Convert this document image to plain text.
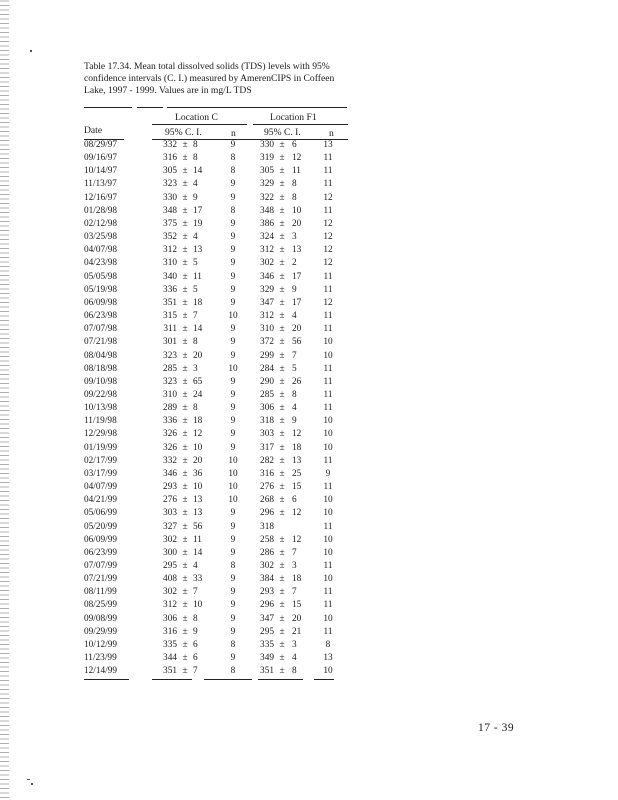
Table 17.34. Mean total dissolved solids (TDS) levels with 95%
confidence intervals (C. I.) measured by AmerenCIPS in Coffeen
Lake, 1997 - 1999. Values are in mg/L TDS
Location C	Location F1
Date	95% C. I.	n	95% C. I.	n
08/29/97	332 ± 8	9	330 ± 6	13
09/16/97	316 ± 8	8	319 ± 12	11
10/14/97	305 ± 14	8	305 ± 11	11
11/13/97	323 ± 4	9	329 ± 8	11
12/16/97	330 ± 9	9	322 ± 8	12
01/28/98	348 ± 17	8	348 ± 10	11
02/12/98	375 ± 19	9	386 ± 20	12
03/25/98	352 ± 4	9	324 ± 3	12
04/07/98	312 ± 13	9	312 ± 13	12
04/23/98	310 ± 5	9	302 ± 2	12
05/05/98	340 ± 11	9	346 ± 17	11
05/19/98	336 ± 5	9	329 ± 9	11
06/09/98	351 ± 18	9	347 ± 17	12
06/23/98	315 ± 7	10	312 ± 4	11
07/07/98	311 ± 14	9	310 ± 20	11
07/21/98	301 ± 8	9	372 ± 56	10
08/04/98	323 ± 20	9	299 ± 7	10
08/18/98	285 ± 3	10	284 ± 5	11
09/10/98	323 ± 65	9	290 ± 26	11
09/22/98	310 ± 24	9	285 ± 8	11
10/13/98	289 ± 8	9	306 ± 4	11
11/19/98	336 ± 18	9	318 ± 9	10
12/29/98	326 ± 12	9	303 ± 12	10
01/19/99	326 ± 10	9	317 ± 18	10
02/17/99	332 ± 20	10	282 ± 13	11
03/17/99	346 ± 36	10	316 ± 25	9
04/07/99	293 ± 10	10	276 ± 15	11
04/21/99	276 ± 13	10	268 ± 6	10
05/06/99	303 ± 13	9	296 ± 12	10
05/20/99	327 ± 56	9	318	11
06/09/99	302 ± 11	9	258 ± 12	10
06/23/99	300 ± 14	9	286 ± 7	10
07/07/99	295 ± 4	8	302 ± 3	11
07/21/99	408 ± 33	9	384 ± 18	10
08/11/99	302 ± 7	9	293 ± 7	11
08/25/99	312 ± 10	9	296 ± 15	11
09/08/99	306 ± 8	9	347 ± 20	10
09/29/99	316 ± 9	9	295 ± 21	11
10/12/99	335 ± 6	8	335 ± 3	8
11/23/99	344 ± 6	9	349 ± 4	13
12/14/99	351 ± 7	8	351 ± 8	10
17 - 39
